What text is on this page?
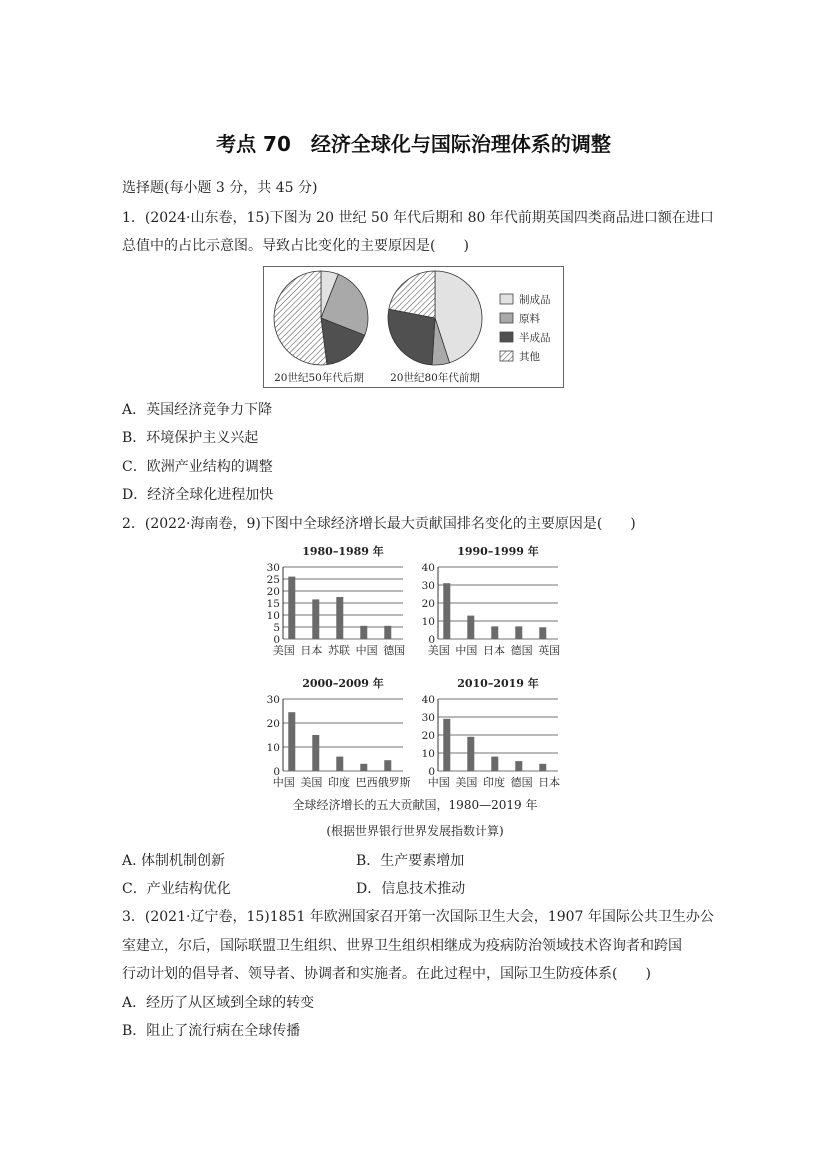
考点 70　经济全球化与国际治理体系的调整
选择题(每小题 3 分，共 45 分)
1．(2024·山东卷，15)下图为 20 世纪 50 年代后期和 80 年代前期英国四类商品进口额在进口
总值中的占比示意图。导致占比变化的主要原因是(　　)
20世纪50年代后期	20世纪80年代前期
制成品
原料
半成品
其他
A．英国经济竞争力下降
B．环境保护主义兴起
C．欧洲产业结构的调整
D．经济全球化进程加快
2．(2022·海南卷，9)下图中全球经济增长最大贡献国排名变化的主要原因是(　　)
1980–1989 年
0
5
10
15
20
25
30
美国 日本 苏联 中国 德国
1990–1999 年
0
10
20
30
40
美国 中国 日本 德国 英国
2000–2009 年
0
10
20
30
中国 美国 印度 巴西 俄罗斯
2010–2019 年
0
10
20
30
40
中国 美国 印度 德国 日本
全球经济增长的五大贡献国，1980—2019 年
(根据世界银行世界发展指数计算)
A. 体制机制创新	B．生产要素增加
C．产业结构优化	D．信息技术推动
3．(2021·辽宁卷，15)1851 年欧洲国家召开第一次国际卫生大会，1907 年国际公共卫生办公
室建立，尔后，国际联盟卫生组织、世界卫生组织相继成为疫病防治领域技术咨询者和跨国
行动计划的倡导者、领导者、协调者和实施者。在此过程中，国际卫生防疫体系(　　)
A．经历了从区域到全球的转变
B．阻止了流行病在全球传播
